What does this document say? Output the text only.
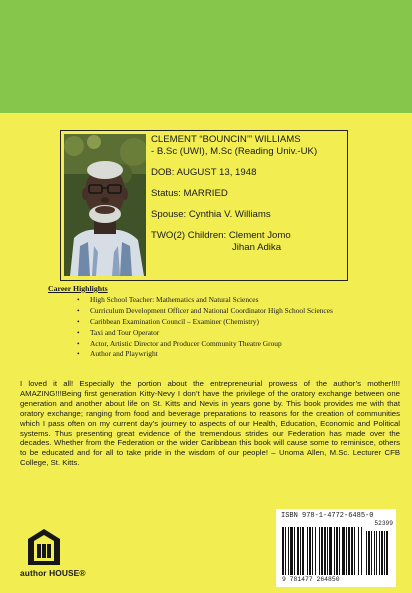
CLEMENT “BOUNCIN’” WILLIAMS
- B.Sc (UWI), M.Sc (Reading Univ.-UK)
DOB: AUGUST 13, 1948
Status: MARRIED
Spouse: Cynthia V. Williams
TWO(2) Children: Clement Jomo
Jihan Adika
Career Highlights
• High School Teacher: Mathematics and Natural Sciences
• Curriculum Development Officer and National Coordinator High School Sciences
• Caribbean Examination Council – Examiner (Chemistry)
• Taxi and Tour Operator
• Actor, Artistic Director and Producer Community Theatre Group
• Author and Playwright

I loved it all! Especially the portion about the entrepreneurial prowess of the author’s mother!!!! AMAZING!!!Being first generation Kitty-Nevy I don’t have the privilege of the oratory exchange between one generation and another about life on St. Kitts and Nevis in years gone by. This book provides me with that oratory exchange; ranging from food and beverage preparations to reasons for the creation of communities which I pass often on my current day’s journey to aspects of our Health, Education, Economic and Political systems. Thus presenting great evidence of the tremendous strides our Federation has made over the decades. Whether from the Federation or the wider Caribbean this book will cause some to reminisce, others to be educated and for all to take pride in the wisdom of our people! – Unoma Allen, M.Sc. Lecturer CFB College, St. Kitts.

author HOUSE®
ISBN 978-1-4772-6485-0
52399
9 781477 264850
